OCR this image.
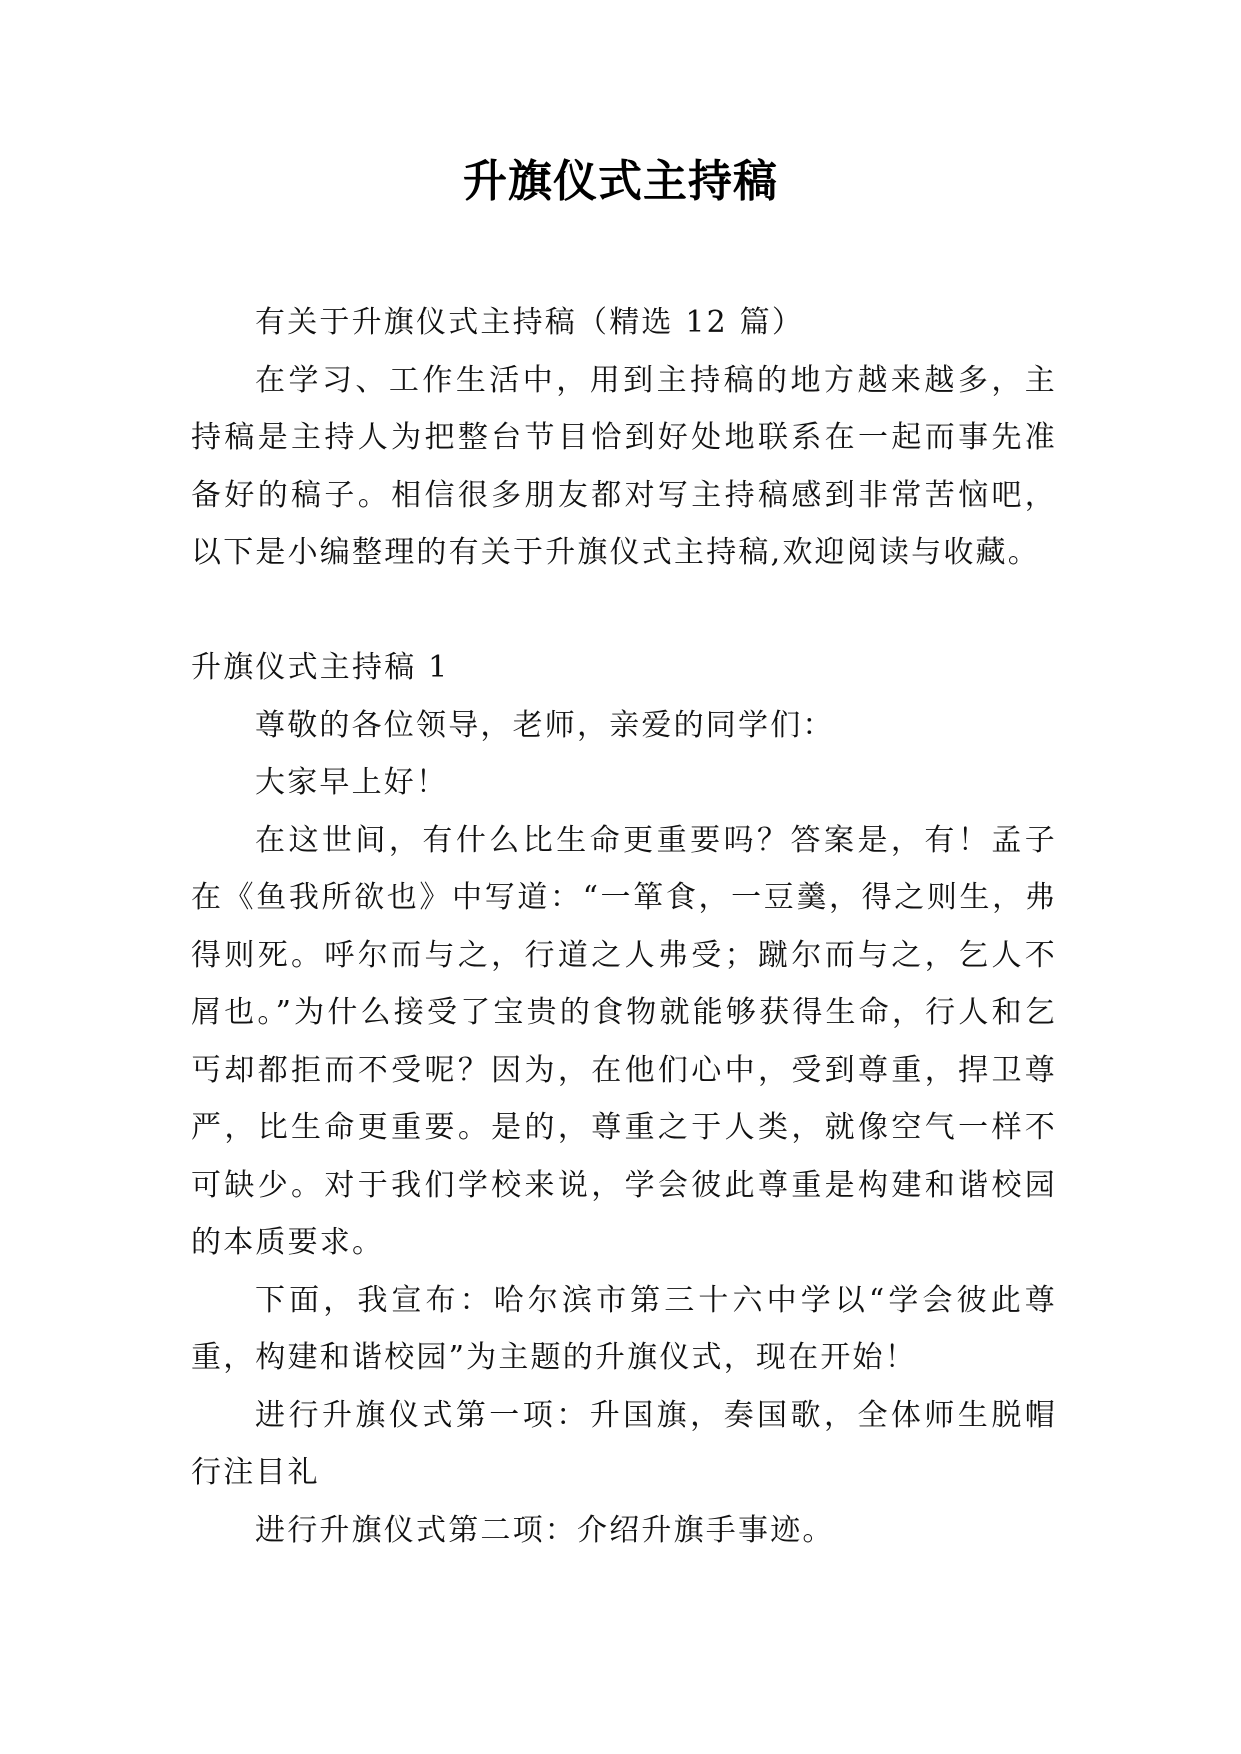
升旗仪式主持稿

有关于升旗仪式主持稿（精选 12 篇）

在学习、工作生活中，用到主持稿的地方越来越多，主持稿是主持人为把整台节目恰到好处地联系在一起而事先准备好的稿子。相信很多朋友都对写主持稿感到非常苦恼吧，以下是小编整理的有关于升旗仪式主持稿,欢迎阅读与收藏。

升旗仪式主持稿 1

尊敬的各位领导，老师，亲爱的同学们：

大家早上好！

在这世间，有什么比生命更重要吗？答案是，有！孟子在《鱼我所欲也》中写道：“一箪食，一豆羹，得之则生，弗得则死。呼尔而与之，行道之人弗受；蹴尔而与之，乞人不屑也。”为什么接受了宝贵的食物就能够获得生命，行人和乞丐却都拒而不受呢？因为，在他们心中，受到尊重，捍卫尊严，比生命更重要。是的，尊重之于人类，就像空气一样不可缺少。对于我们学校来说，学会彼此尊重是构建和谐校园的本质要求。

下面，我宣布：哈尔滨市第三十六中学以“学会彼此尊重，构建和谐校园”为主题的升旗仪式，现在开始！

进行升旗仪式第一项：升国旗，奏国歌，全体师生脱帽行注目礼

进行升旗仪式第二项：介绍升旗手事迹。
